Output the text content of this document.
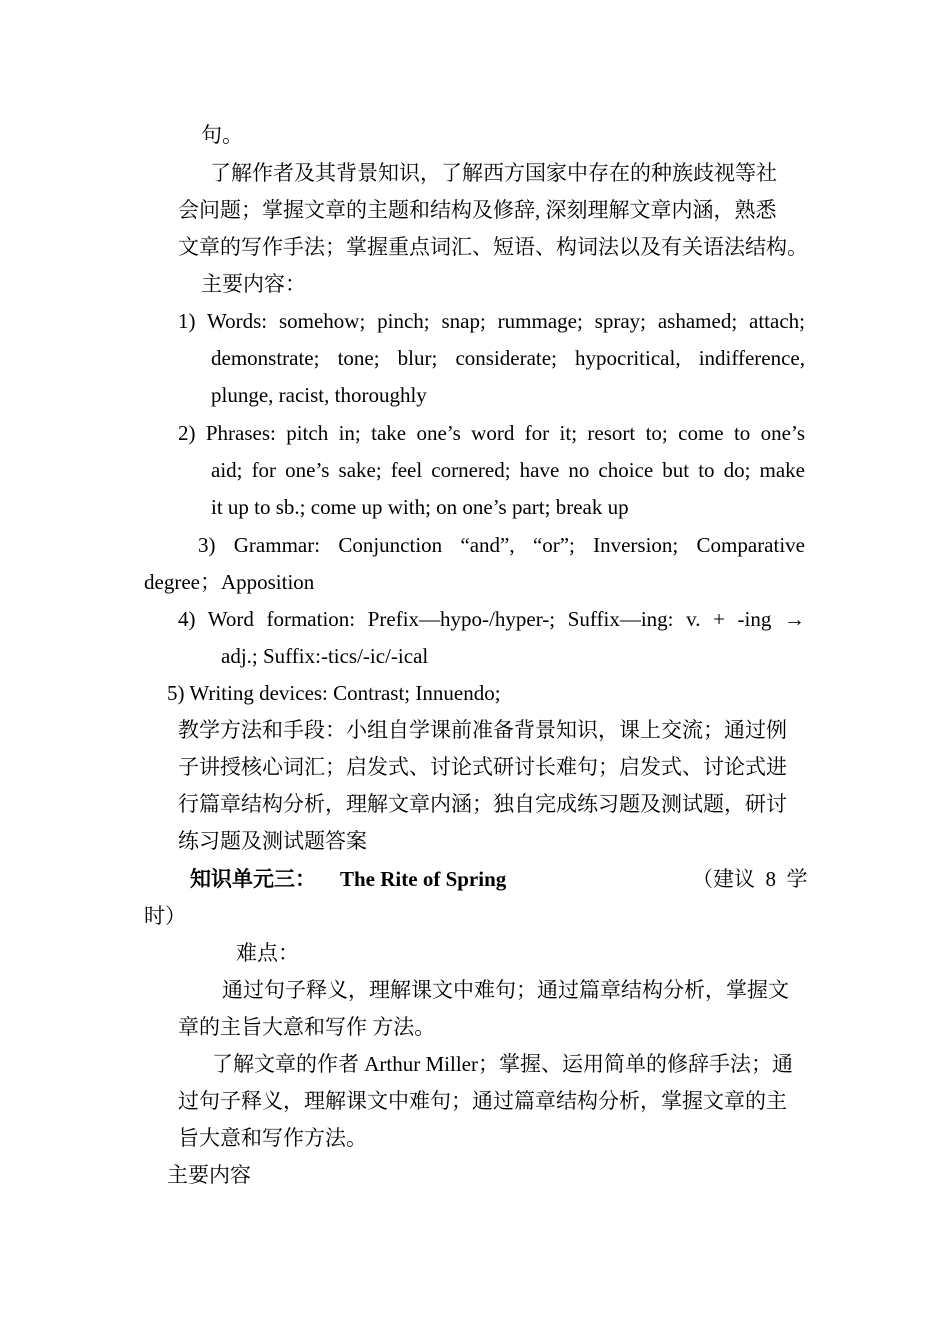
句。
了解作者及其背景知识，了解西方国家中存在的种族歧视等社
会问题；掌握文章的主题和结构及修辞, 深刻理解文章内涵，熟悉
文章的写作手法；掌握重点词汇、短语、构词法以及有关语法结构。
主要内容：
1) Words: somehow; pinch; snap; rummage; spray; ashamed; attach;
demonstrate; tone; blur; considerate; hypocritical, indifference,
plunge, racist, thoroughly
2) Phrases: pitch in; take one’s word for it; resort to; come to one’s
aid; for one’s sake; feel cornered; have no choice but to do; make
it up to sb.; come up with; on one’s part; break up
3) Grammar: Conjunction “and”, “or”; Inversion; Comparative
degree；Apposition
4) Word formation: Prefix—hypo-/hyper-; Suffix—ing: v. + -ing →
adj.; Suffix:-tics/-ic/-ical
5) Writing devices: Contrast; Innuendo;
教学方法和手段：小组自学课前准备背景知识，课上交流；通过例
子讲授核心词汇；启发式、讨论式研讨长难句；启发式、讨论式进
行篇章结构分析，理解文章内涵；独自完成练习题及测试题，研讨
练习题及测试题答案
知识单元三： The Rite of Spring	（建议  8  学
时）
难点：
通过句子释义，理解课文中难句；通过篇章结构分析，掌握文
章的主旨大意和写作 方法。
了解文章的作者 Arthur Miller；掌握、运用简单的修辞手法；通
过句子释义，理解课文中难句；通过篇章结构分析，掌握文章的主
旨大意和写作方法。
主要内容
